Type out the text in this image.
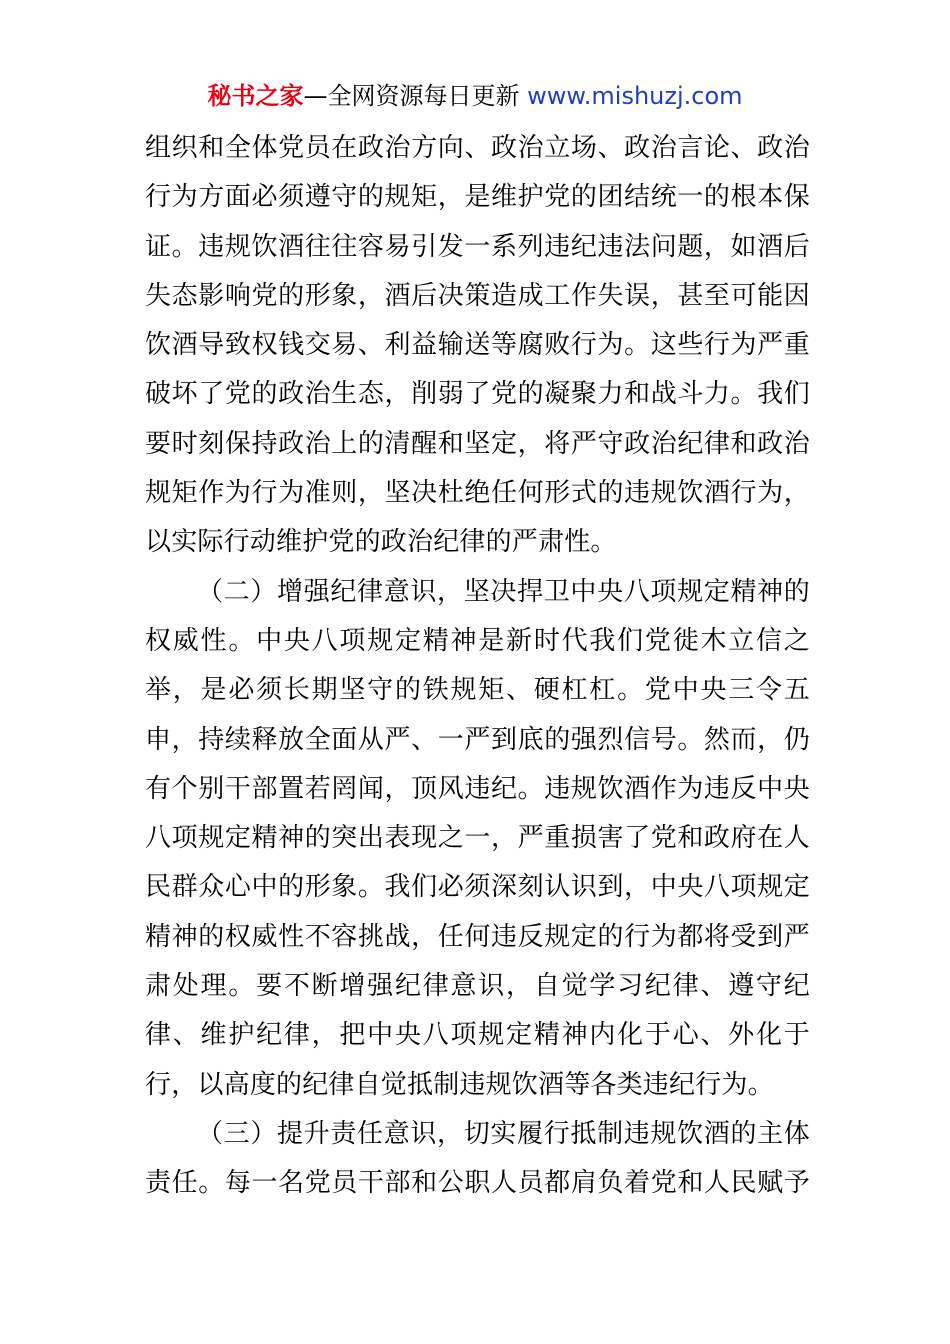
秘书之家—全网资源每日更新 www.mishuzj.com
组织和全体党员在政治方向、政治立场、政治言论、政治
行为方面必须遵守的规矩，是维护党的团结统一的根本保
证。违规饮酒往往容易引发一系列违纪违法问题，如酒后
失态影响党的形象，酒后决策造成工作失误，甚至可能因
饮酒导致权钱交易、利益输送等腐败行为。这些行为严重
破坏了党的政治生态，削弱了党的凝聚力和战斗力。我们
要时刻保持政治上的清醒和坚定，将严守政治纪律和政治
规矩作为行为准则，坚决杜绝任何形式的违规饮酒行为，
以实际行动维护党的政治纪律的严肃性。
（二）增强纪律意识，坚决捍卫中央八项规定精神的
权威性。中央八项规定精神是新时代我们党徙木立信之
举，是必须长期坚守的铁规矩、硬杠杠。党中央三令五
申，持续释放全面从严、一严到底的强烈信号。然而，仍
有个别干部置若罔闻，顶风违纪。违规饮酒作为违反中央
八项规定精神的突出表现之一，严重损害了党和政府在人
民群众心中的形象。我们必须深刻认识到，中央八项规定
精神的权威性不容挑战，任何违反规定的行为都将受到严
肃处理。要不断增强纪律意识，自觉学习纪律、遵守纪
律、维护纪律，把中央八项规定精神内化于心、外化于
行，以高度的纪律自觉抵制违规饮酒等各类违纪行为。
（三）提升责任意识，切实履行抵制违规饮酒的主体
责任。每一名党员干部和公职人员都肩负着党和人民赋予
